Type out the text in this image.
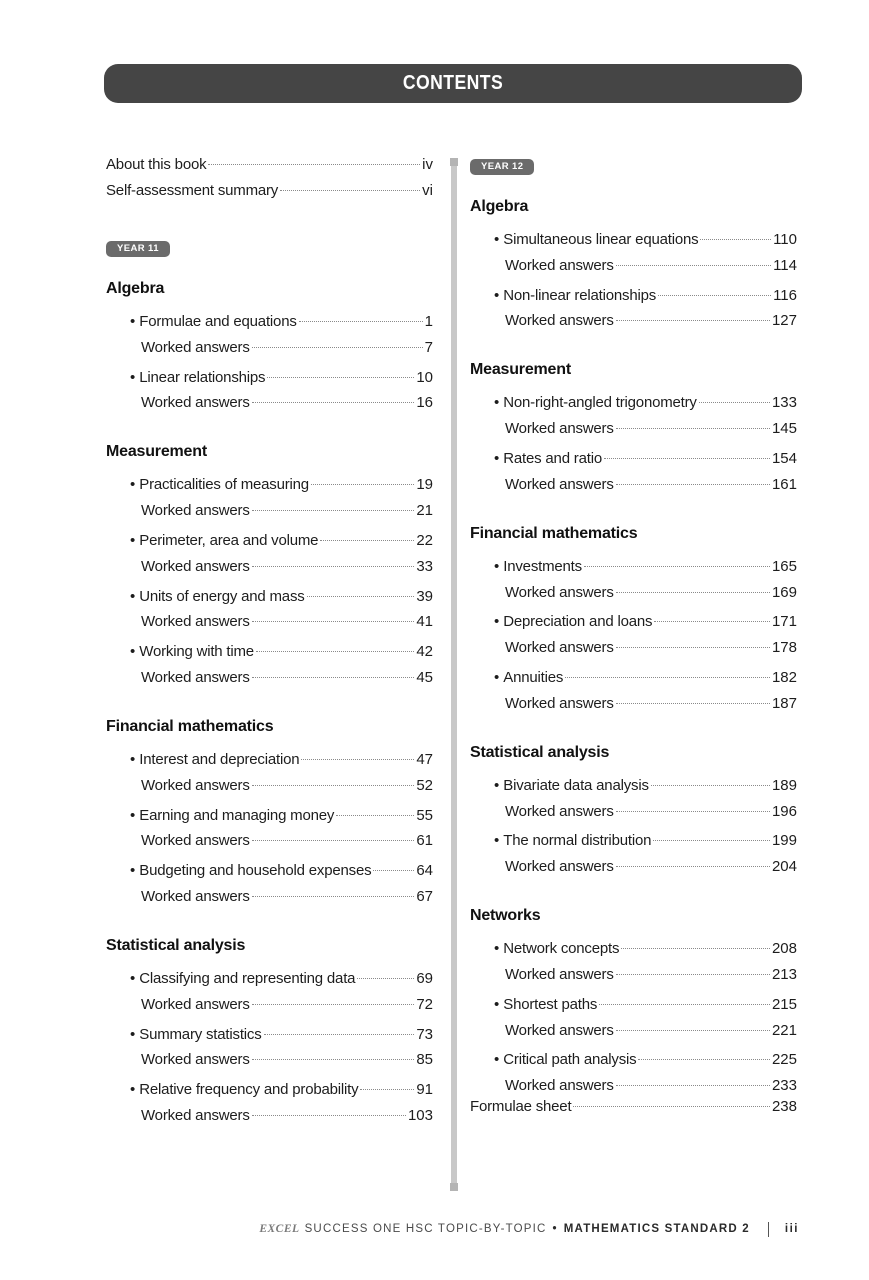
CONTENTS
About this book	iv
Self-assessment summary	vi
YEAR 11
Algebra
• Formulae and equations	1
Worked answers	7
• Linear relationships	10
Worked answers	16
Measurement
• Practicalities of measuring	19
Worked answers	21
• Perimeter, area and volume	22
Worked answers	33
• Units of energy and mass	39
Worked answers	41
• Working with time	42
Worked answers	45
Financial mathematics
• Interest and depreciation	47
Worked answers	52
• Earning and managing money	55
Worked answers	61
• Budgeting and household expenses	64
Worked answers	67
Statistical analysis
• Classifying and representing data	69
Worked answers	72
• Summary statistics	73
Worked answers	85
• Relative frequency and probability	91
Worked answers	103
YEAR 12
Algebra
• Simultaneous linear equations	110
Worked answers	114
• Non-linear relationships	116
Worked answers	127
Measurement
• Non-right-angled trigonometry	133
Worked answers	145
• Rates and ratio	154
Worked answers	161
Financial mathematics
• Investments	165
Worked answers	169
• Depreciation and loans	171
Worked answers	178
• Annuities	182
Worked answers	187
Statistical analysis
• Bivariate data analysis	189
Worked answers	196
• The normal distribution	199
Worked answers	204
Networks
• Network concepts	208
Worked answers	213
• Shortest paths	215
Worked answers	221
• Critical path analysis	225
Worked answers	233
Formulae sheet	238
EXCEL SUCCESS ONE HSC TOPIC-BY-TOPIC • MATHEMATICS STANDARD 2	iii
